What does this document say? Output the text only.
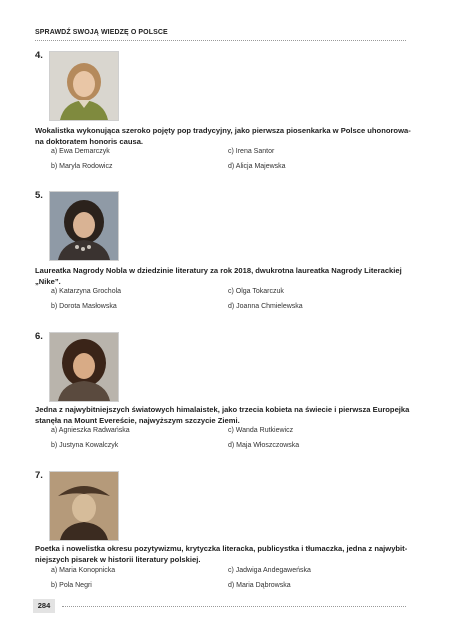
SPRAWDŹ SWOJĄ WIEDZĘ O POLSCE
4.
Wokalistka wykonująca szeroko pojęty pop tradycyjny, jako pierwsza piosenkarka w Polsce uhonorowa-na doktoratem honoris causa.
a) Ewa Demarczyk	c) Irena Santor
b) Maryla Rodowicz	d) Alicja Majewska
5.
Laureatka Nagrody Nobla w dziedzinie literatury za rok 2018, dwukrotna laureatka Nagrody Literackiej „Nike”.
a) Katarzyna Grochola	c) Olga Tokarczuk
b) Dorota Masłowska	d) Joanna Chmielewska
6.
Jedna z najwybitniejszych światowych himalaistek, jako trzecia kobieta na świecie i pierwsza Europejka stanęła na Mount Evereście, najwyższym szczycie Ziemi.
a) Agnieszka Radwańska	c) Wanda Rutkiewicz
b) Justyna Kowalczyk	d) Maja Włoszczowska
7.
Poetka i nowelistka okresu pozytywizmu, krytyczka literacka, publicystka i tłumaczka, jedna z najwybit-niejszych pisarek w historii literatury polskiej.
a) Maria Konopnicka	c) Jadwiga Andegaweńska
b) Pola Negri	d) Maria Dąbrowska
284
